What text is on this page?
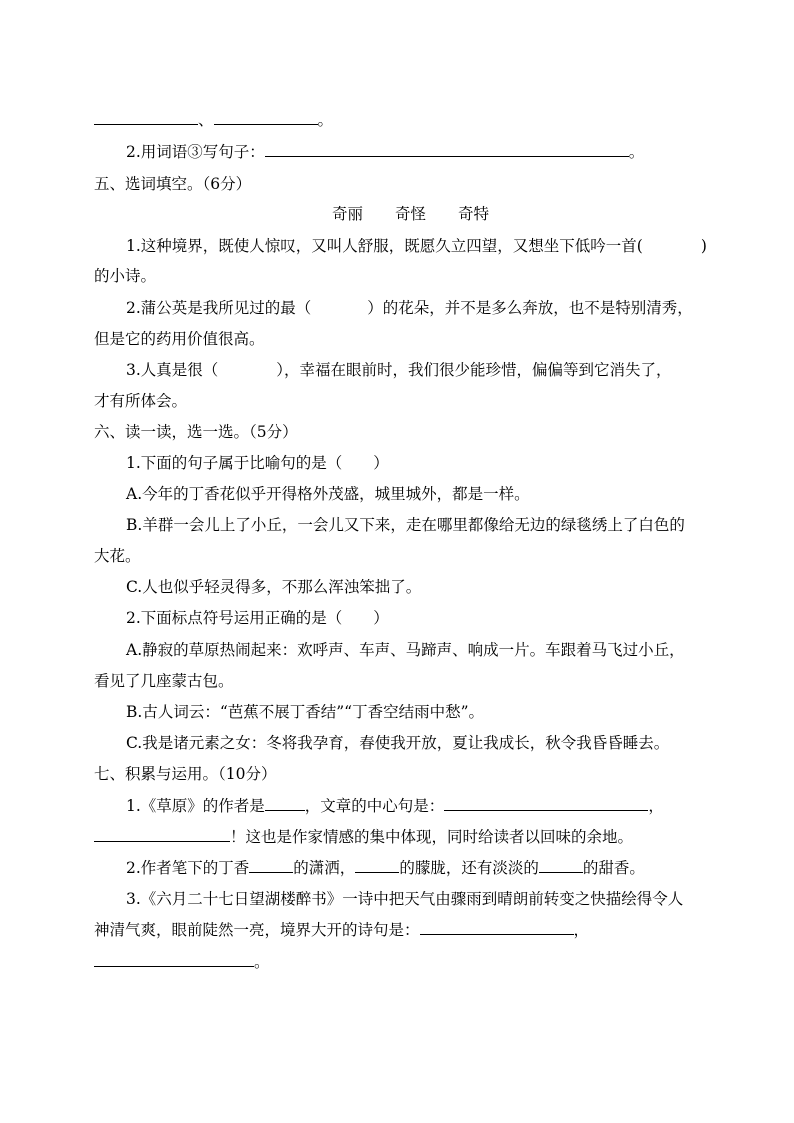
、	。
2.用词语③写句子：	。
五、选词填空。（6分）
奇丽 奇怪 奇特
1.这种境界，既使人惊叹，又叫人舒服，既愿久立四望，又想坐下低吟一首(	)
的小诗。
2.蒲公英是我所见过的最（	）的花朵，并不是多么奔放，也不是特别清秀，
但是它的药用价值很高。
3.人真是很（	），幸福在眼前时，我们很少能珍惜，偏偏等到它消失了，
才有所体会。
六、读一读，选一选。（5分）
1.下面的句子属于比喻句的是（　　）
A.今年的丁香花似乎开得格外茂盛，城里城外，都是一样。
B.羊群一会儿上了小丘，一会儿又下来，走在哪里都像给无边的绿毯绣上了白色的
大花。
C.人也似乎轻灵得多，不那么浑浊笨拙了。
2.下面标点符号运用正确的是（　　）
A.静寂的草原热闹起来：欢呼声、车声、马蹄声、响成一片。车跟着马飞过小丘，
看见了几座蒙古包。
B.古人词云：“芭蕉不展丁香结”“丁香空结雨中愁”。
C.我是诸元素之女：冬将我孕育，春使我开放，夏让我成长，秋令我昏昏睡去。
七、积累与运用。（10分）
1.《草原》的作者是	，文章的中心句是：	，
！这也是作家情感的集中体现，同时给读者以回味的余地。
2.作者笔下的丁香	的潇洒，	的朦胧，还有淡淡的	的甜香。
3.《六月二十七日望湖楼醉书》一诗中把天气由骤雨到晴朗前转变之快描绘得令人
神清气爽，眼前陡然一亮，境界大开的诗句是：	，
。
